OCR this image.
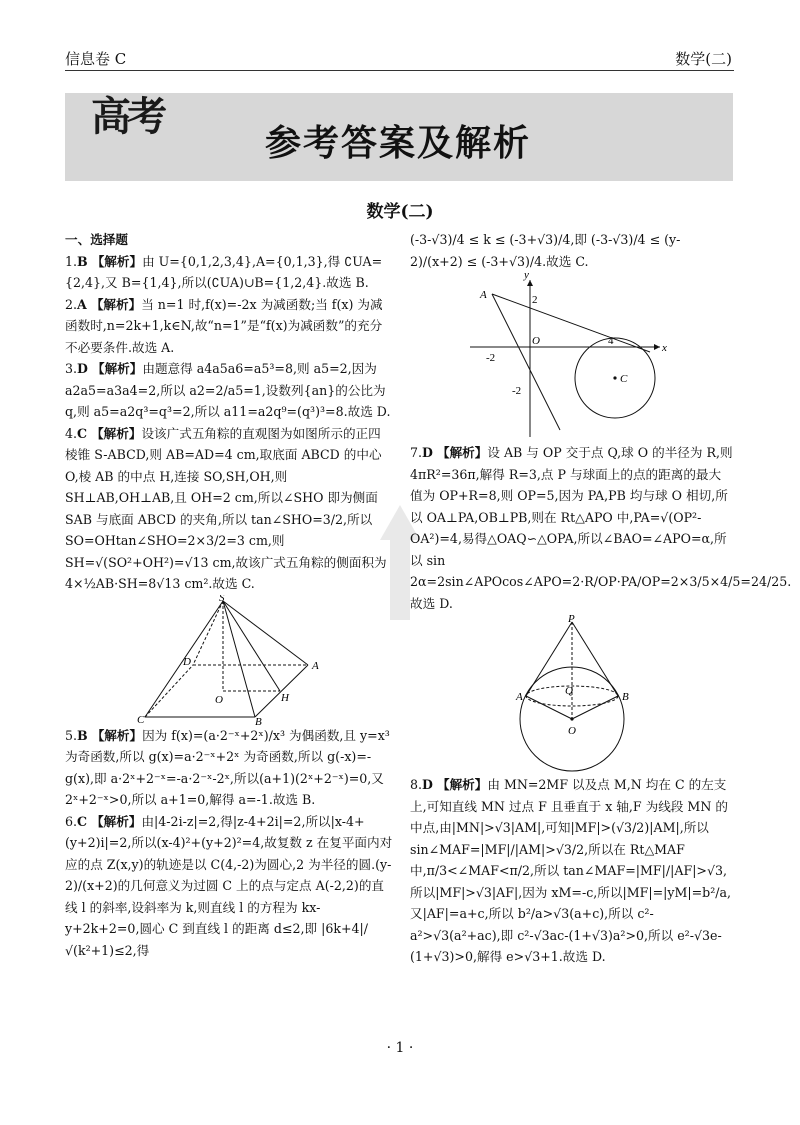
信息卷 C	数学(二)
高考
参考答案及解析
数学(二)

一、选择题

1.B 【解析】由 U={0,1,2,3,4},A={0,1,3},得 ∁UA={2,4},又 B={1,4},所以(∁UA)∪B={1,2,4}.故选 B.

2.A 【解析】当 n=1 时,f(x)=-2x 为减函数;当 f(x) 为减函数时,n=2k+1,k∈N,故“n=1”是“f(x)为减函数”的充分不必要条件.故选 A.

3.D 【解析】由题意得 a4a5a6=a5³=8,则 a5=2,因为 a2a5=a3a4=2,所以 a2=2/a5=1,设数列{an}的公比为 q,则 a5=a2q³=q³=2,所以 a11=a2q⁹=(q³)³=8.故选 D.

4.C 【解析】设该广式五角粽的直观图为如图所示的正四棱锥 S-ABCD,则 AB=AD=4 cm,取底面 ABCD 的中心 O,棱 AB 的中点 H,连接 SO,SH,OH,则 SH⊥AB,OH⊥AB,且 OH=2 cm,所以∠SHO 即为侧面 SAB 与底面 ABCD 的夹角,所以 tan∠SHO=3/2,所以 SO=OHtan∠SHO=2×3/2=3 cm,则 SH=√(SO²+OH²)=√13 cm,故该广式五角粽的侧面积为 4×½AB·SH=8√13 cm².故选 C.

S
A
B
C
D
O	H

5.B 【解析】因为 f(x)=(a·2⁻ˣ+2ˣ)/x³ 为偶函数,且 y=x³ 为奇函数,所以 g(x)=a·2⁻ˣ+2ˣ 为奇函数,所以 g(-x)=-g(x),即 a·2ˣ+2⁻ˣ=-a·2⁻ˣ-2ˣ,所以(a+1)(2ˣ+2⁻ˣ)=0,又 2ˣ+2⁻ˣ>0,所以 a+1=0,解得 a=-1.故选 B.

6.C 【解析】由|4-2i-z|=2,得|z-4+2i|=2,所以|x-4+(y+2)i|=2,所以(x-4)²+(y+2)²=4,故复数 z 在复平面内对应的点 Z(x,y)的轨迹是以 C(4,-2)为圆心,2 为半径的圆.(y-2)/(x+2)的几何意义为过圆 C 上的点与定点 A(-2,2)的直线 l 的斜率,设斜率为 k,则直线 l 的方程为 kx-y+2k+2=0,圆心 C 到直线 l 的距离 d≤2,即 |6k+4|/√(k²+1)≤2,得

(-3-√3)/4 ≤ k ≤ (-3+√3)/4,即 (-3-√3)/4 ≤ (y-2)/(x+2) ≤ (-3+√3)/4.故选 C.

y
x
A
O
C
2
-2
4
-2

7.D 【解析】设 AB 与 OP 交于点 Q,球 O 的半径为 R,则 4πR²=36π,解得 R=3,点 P 与球面上的点的距离的最大值为 OP+R=8,则 OP=5,因为 PA,PB 均与球 O 相切,所以 OA⊥PA,OB⊥PB,则在 Rt△APO 中,PA=√(OP²-OA²)=4,易得△OAQ∽△OPA,所以∠BAO=∠APO=α,所以 sin 2α=2sin∠APOcos∠APO=2·R/OP·PA/OP=2×3/5×4/5=24/25.故选 D.

P
A	B
Q
O

8.D 【解析】由 MN=2MF 以及点 M,N 均在 C 的左支上,可知直线 MN 过点 F 且垂直于 x 轴,F 为线段 MN 的中点,由|MN|>√3|AM|,可知|MF|>(√3/2)|AM|,所以 sin∠MAF=|MF|/|AM|>√3/2,所以在 Rt△MAF 中,π/3<∠MAF<π/2,所以 tan∠MAF=|MF|/|AF|>√3,所以|MF|>√3|AF|,因为 xM=-c,所以|MF|=|yM|=b²/a,又|AF|=a+c,所以 b²/a>√3(a+c),所以 c²-a²>√3(a²+ac),即 c²-√3ac-(1+√3)a²>0,所以 e²-√3e-(1+√3)>0,解得 e>√3+1.故选 D.

· 1 ·
